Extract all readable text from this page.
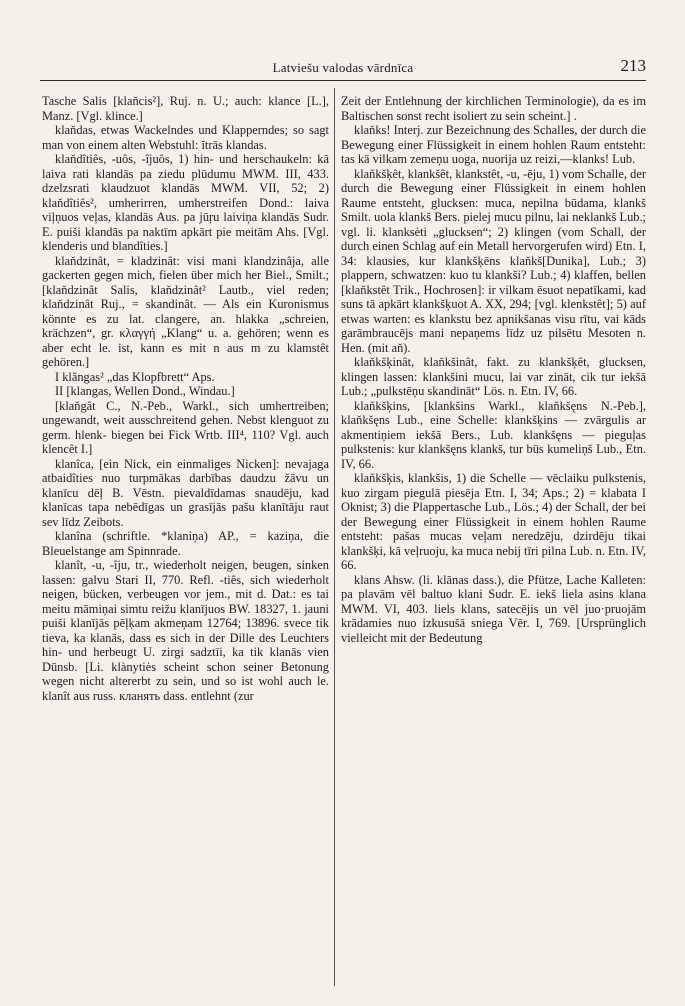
Latviešu valodas vārdnīca	213

Tasche Salis [klaňcis²], Ruj. n. U.; auch: klance [L.], Manz. [Vgl. klince.]

klaňdas, etwas Wackelndes und Klapperndes; so sagt man von einem alten Webstuhl: ĭtrās klandas.

klaňdîtiês, -uôs, -îjuôs, 1) hin- und herschaukeln: kā laiva rati klandās pa ziedu plūdumu MWM. III, 433. dzelzsrati klaudzuot klandās MWM. VII, 52; 2) klaňdîtiês², umherirren, umherstreifen Dond.: laiva viļņuos veļas, klandās Aus. pa jūŗu laiviņa klandās Sudr. E. puiši klandās pa naktīm apkārt pie meitām Ahs. [Vgl. klenderis und blandîties.]

klaňdzinât, = kladzinât: visi mani klandzinâja, alle gackerten gegen mich, fielen über mich her Biel., Smilt.; [klaňdzinât Salis, klaňdzinât² Lautb., viel reden; klaňdzinât Ruj., = skandinât. — Als ein Kuronismus könnte es zu lat. clangere, an. hlakka „schreien, krächzen“, gr. κλαγγή „Klang“ u. a. gehören; wenn es aber echt le. ist, kann es mit n aus m zu klamstêt gehören.]

I klãngas² „das Klopfbrett“ Aps.

II [klangas, Wellen Dond., Windau.]

[klaňgât C., N.-Peb., Warkl., sich umhertreiben; ungewandt, weit ausschreitend gehen. Nebst klenguot zu germ. hlenk- biegen bei Fick Wrtb. III⁴, 110? Vgl. auch klencêt I.]

klanîca, [ein Nick, ein einmaliges Nicken]: nevajaga atbaidîties nuo turpmākas darbības daudzu žāvu un klanīcu dēļ B. Vēstn. pievaldīdamas snaudēju, kad klanīcas tapa nebēdīgas un grasījās pašu klanītāju raut sev līdz Zeibots.

klanîna (schriftle. *klaniņa) AP., = kaziņa, die Bleuelstange am Spinnrade.

klanît, -u, -îju, tr., wiederholt neigen, beugen, sinken lassen: galvu Stari II, 770. Refl. -tiês, sich wiederholt neigen, bücken, verbeugen vor jem., mit d. Dat.: es tai meitu māmiņai simtu reižu klanījuos BW. 18327, 1. jauni puiši klanījās pēļķam akmeņam 12764; 13896. svece tik tieva, ka klanās, dass es sich in der Dille des Leuchters hin- und herbeugt U. zirgi sadztīi, ka tik klanās vien Dūnsb. [Li. klànytiės scheint schon seiner Betonung wegen nicht altererbt zu sein, und so ist wohl auch le. klanît aus russ. кланять dass. entlehnt (zur

Zeit der Entlehnung der kirchlichen Terminologie), da es im Baltischen sonst recht isoliert zu sein scheint.] .

klaňks! Interj. zur Bezeichnung des Schalles, der durch die Bewegung einer Flüssigkeit in einem hohlen Raum entsteht: tas kā vilkam zemeņu uoga, nuorija uz reizi,—klanks! Lub.

klaňkšķêt, klankšêt, klankstêt, -u, -ēju, 1) vom Schalle, der durch die Bewegung einer Flüssigkeit in einem hohlen Raume entsteht, glucksen: muca, nepilna būdama, klankš Smilt. uola klankš Bers. pielej mucu pilnu, lai neklankš Lub.; vgl. li. klanksėti „glucksen“; 2) klingen (vom Schall, der durch einen Schlag auf ein Metall hervorgerufen wird) Etn. I, 34: klausies, kur klankšķēns klaňkš[Dunika], Lub.; 3) plappern, schwatzen: kuo tu klankši? Lub.; 4) klaffen, bellen [klaňkstêt Trik., Hochrosen]: ir vilkam ēsuot nepatīkami, kad suns tā apkārt klankšķuot A. XX, 294; [vgl. klenkstêt]; 5) auf etwas warten: es klankstu bez apnikšanas visu rītu, vai kāds garāmbraucējs mani nepaņems līdz uz pilsētu Mesoten n. Hen. (mit aň).

klaňkšķinât, klaňkšinât, fakt. zu klankšķêt, glucksen, klingen lassen: klankšini mucu, lai var zināt, cik tur iekšā Lub.; „pulkstēņu skandināt“ Lös. n. Etn. IV, 66.

klaňkšķins, [klankšins Warkl., klaňkšęns N.-Peb.], klaňkšęns Lub., eine Schelle: klankšķins — zvārgulis ar akmentiņiem iekšā Bers., Lub. klankšęns — pieguļas pulkstenis: kur klankšęns klankš, tur būs kumeliņš Lub., Etn. IV, 66.

klaňkšķis, klankšis, 1) die Schelle — vēclaiku pulkstenis, kuo zirgam piegulā piesēja Etn. I, 34; Aps.; 2) = klabata I Oknist; 3) die Plappertasche Lub., Lös.; 4) der Schall, der bei der Bewegung einer Flüssigkeit in einem hohlen Raume entsteht: pašas mucas veļam neredzēju, dzirdēju tikai klankšķi, kā veļruoju, ka muca nebij tīri pilna Lub. n. Etn. IV, 66.

klans Ahsw. (li. klānas dass.), die Pfütze, Lache Kalleten: pa plavām vēl baltuo klani Sudr. E. iekš liela asins klana MWM. VI, 403. liels klans, satecējis un vēl juo·pruojām krādamies nuo izkusušā sniega Vēr. I, 769. [Ursprünglich vielleicht mit der Bedeutung
